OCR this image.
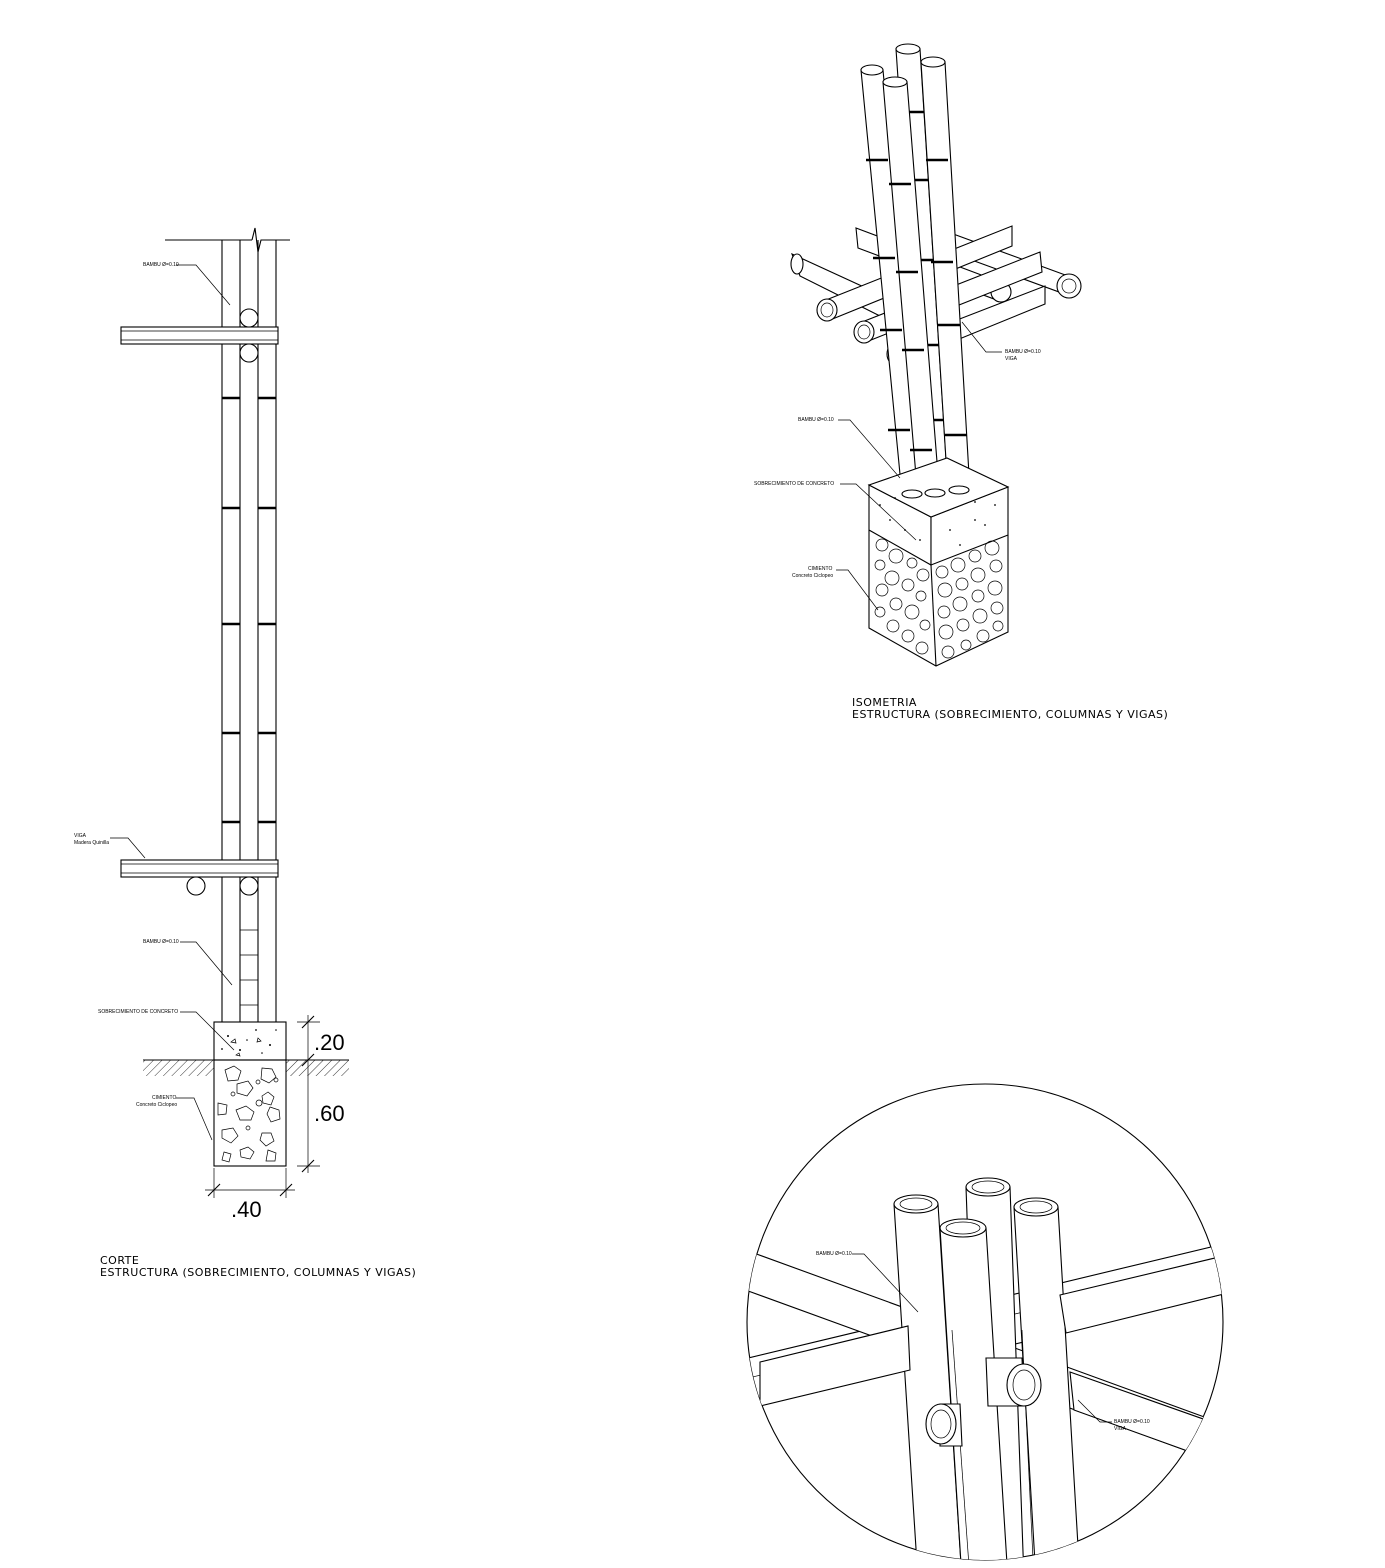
BAMBU Ø=0.10
VIGA
Madera Quinilla
BAMBU Ø=0.10
SOBRECIMIENTO DE CONCRETO
CIMIENTO
Concreto Ciclopeo
.20
.60
.40
CORTE
ESTRUCTURA (SOBRECIMIENTO, COLUMNAS Y VIGAS)
BAMBU Ø=0.10
VIGA
BAMBU Ø=0.10
SOBRECIMIENTO DE CONCRETO
CIMIENTO
Concreto Ciclopeo
ISOMETRIA
ESTRUCTURA (SOBRECIMIENTO, COLUMNAS Y VIGAS)
BAMBU Ø=0.10
BAMBU Ø=0.10
VIGA
